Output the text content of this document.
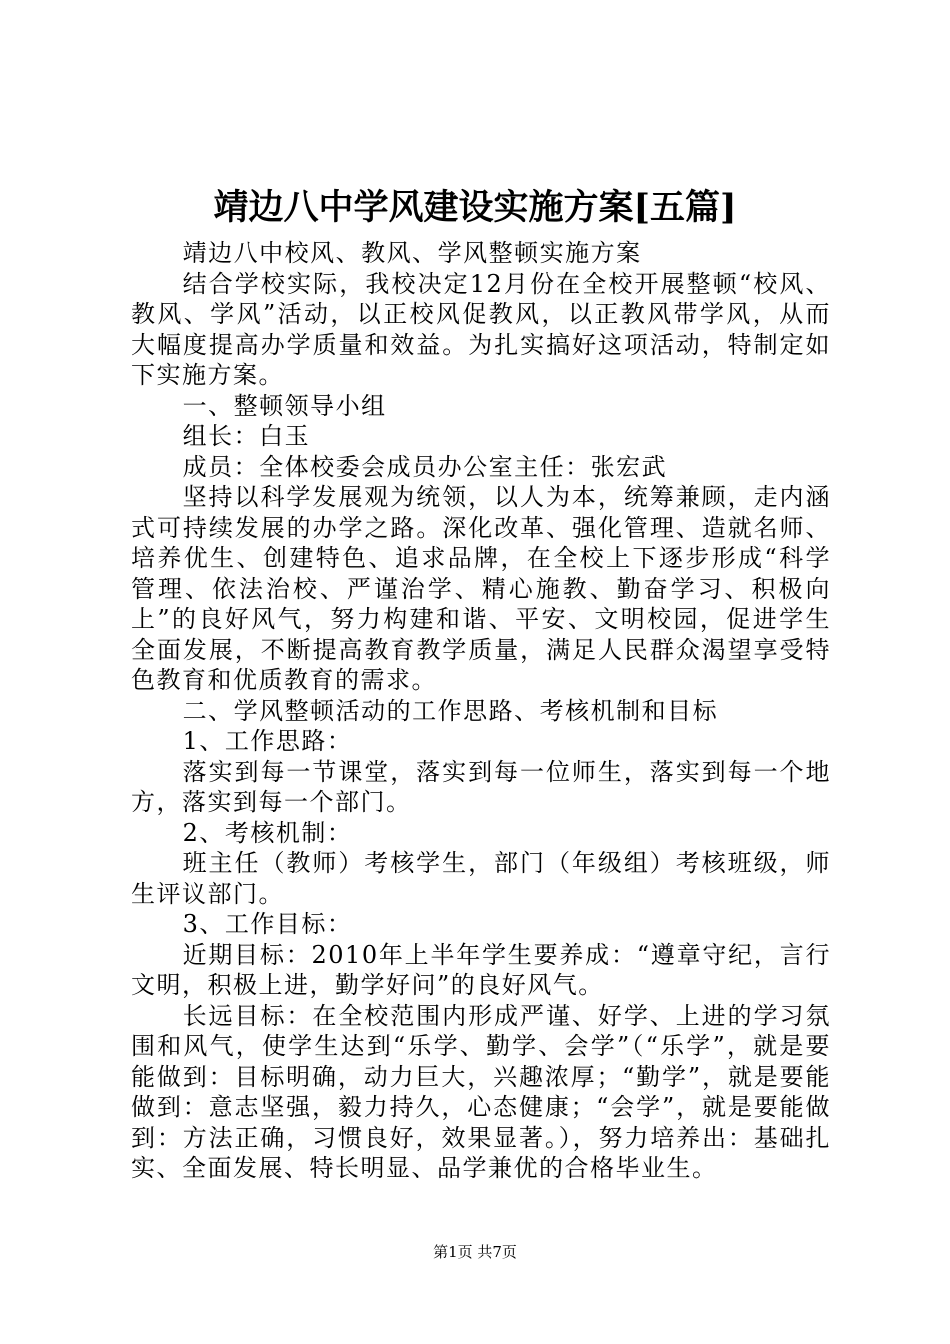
靖边八中学风建设实施方案[五篇]

靖边八中校风、教风、学风整顿实施方案

结合学校实际，我校决定12月份在全校开展整顿“校风、教风、学风”活动，以正校风促教风，以正教风带学风，从而大幅度提高办学质量和效益。为扎实搞好这项活动，特制定如下实施方案。

一、整顿领导小组

组长：白玉

成员：全体校委会成员办公室主任：张宏武

坚持以科学发展观为统领，以人为本，统筹兼顾，走内涵式可持续发展的办学之路。深化改革、强化管理、造就名师、培养优生、创建特色、追求品牌，在全校上下逐步形成“科学管理、依法治校、严谨治学、精心施教、勤奋学习、积极向上”的良好风气，努力构建和谐、平安、文明校园，促进学生全面发展，不断提高教育教学质量，满足人民群众渴望享受特色教育和优质教育的需求。

二、学风整顿活动的工作思路、考核机制和目标

1、工作思路：

落实到每一节课堂，落实到每一位师生，落实到每一个地方，落实到每一个部门。

2、考核机制：

班主任（教师）考核学生，部门（年级组）考核班级，师生评议部门。

3、工作目标：

近期目标：2010年上半年学生要养成：“遵章守纪，言行文明，积极上进，勤学好问”的良好风气。

长远目标：在全校范围内形成严谨、好学、上进的学习氛围和风气，使学生达到“乐学、勤学、会学”（“乐学”，就是要能做到：目标明确，动力巨大，兴趣浓厚；“勤学”，就是要能做到：意志坚强，毅力持久，心态健康；“会学”，就是要能做到：方法正确，习惯良好，效果显著。），努力培养出：基础扎实、全面发展、特长明显、品学兼优的合格毕业生。

第1页 共7页
